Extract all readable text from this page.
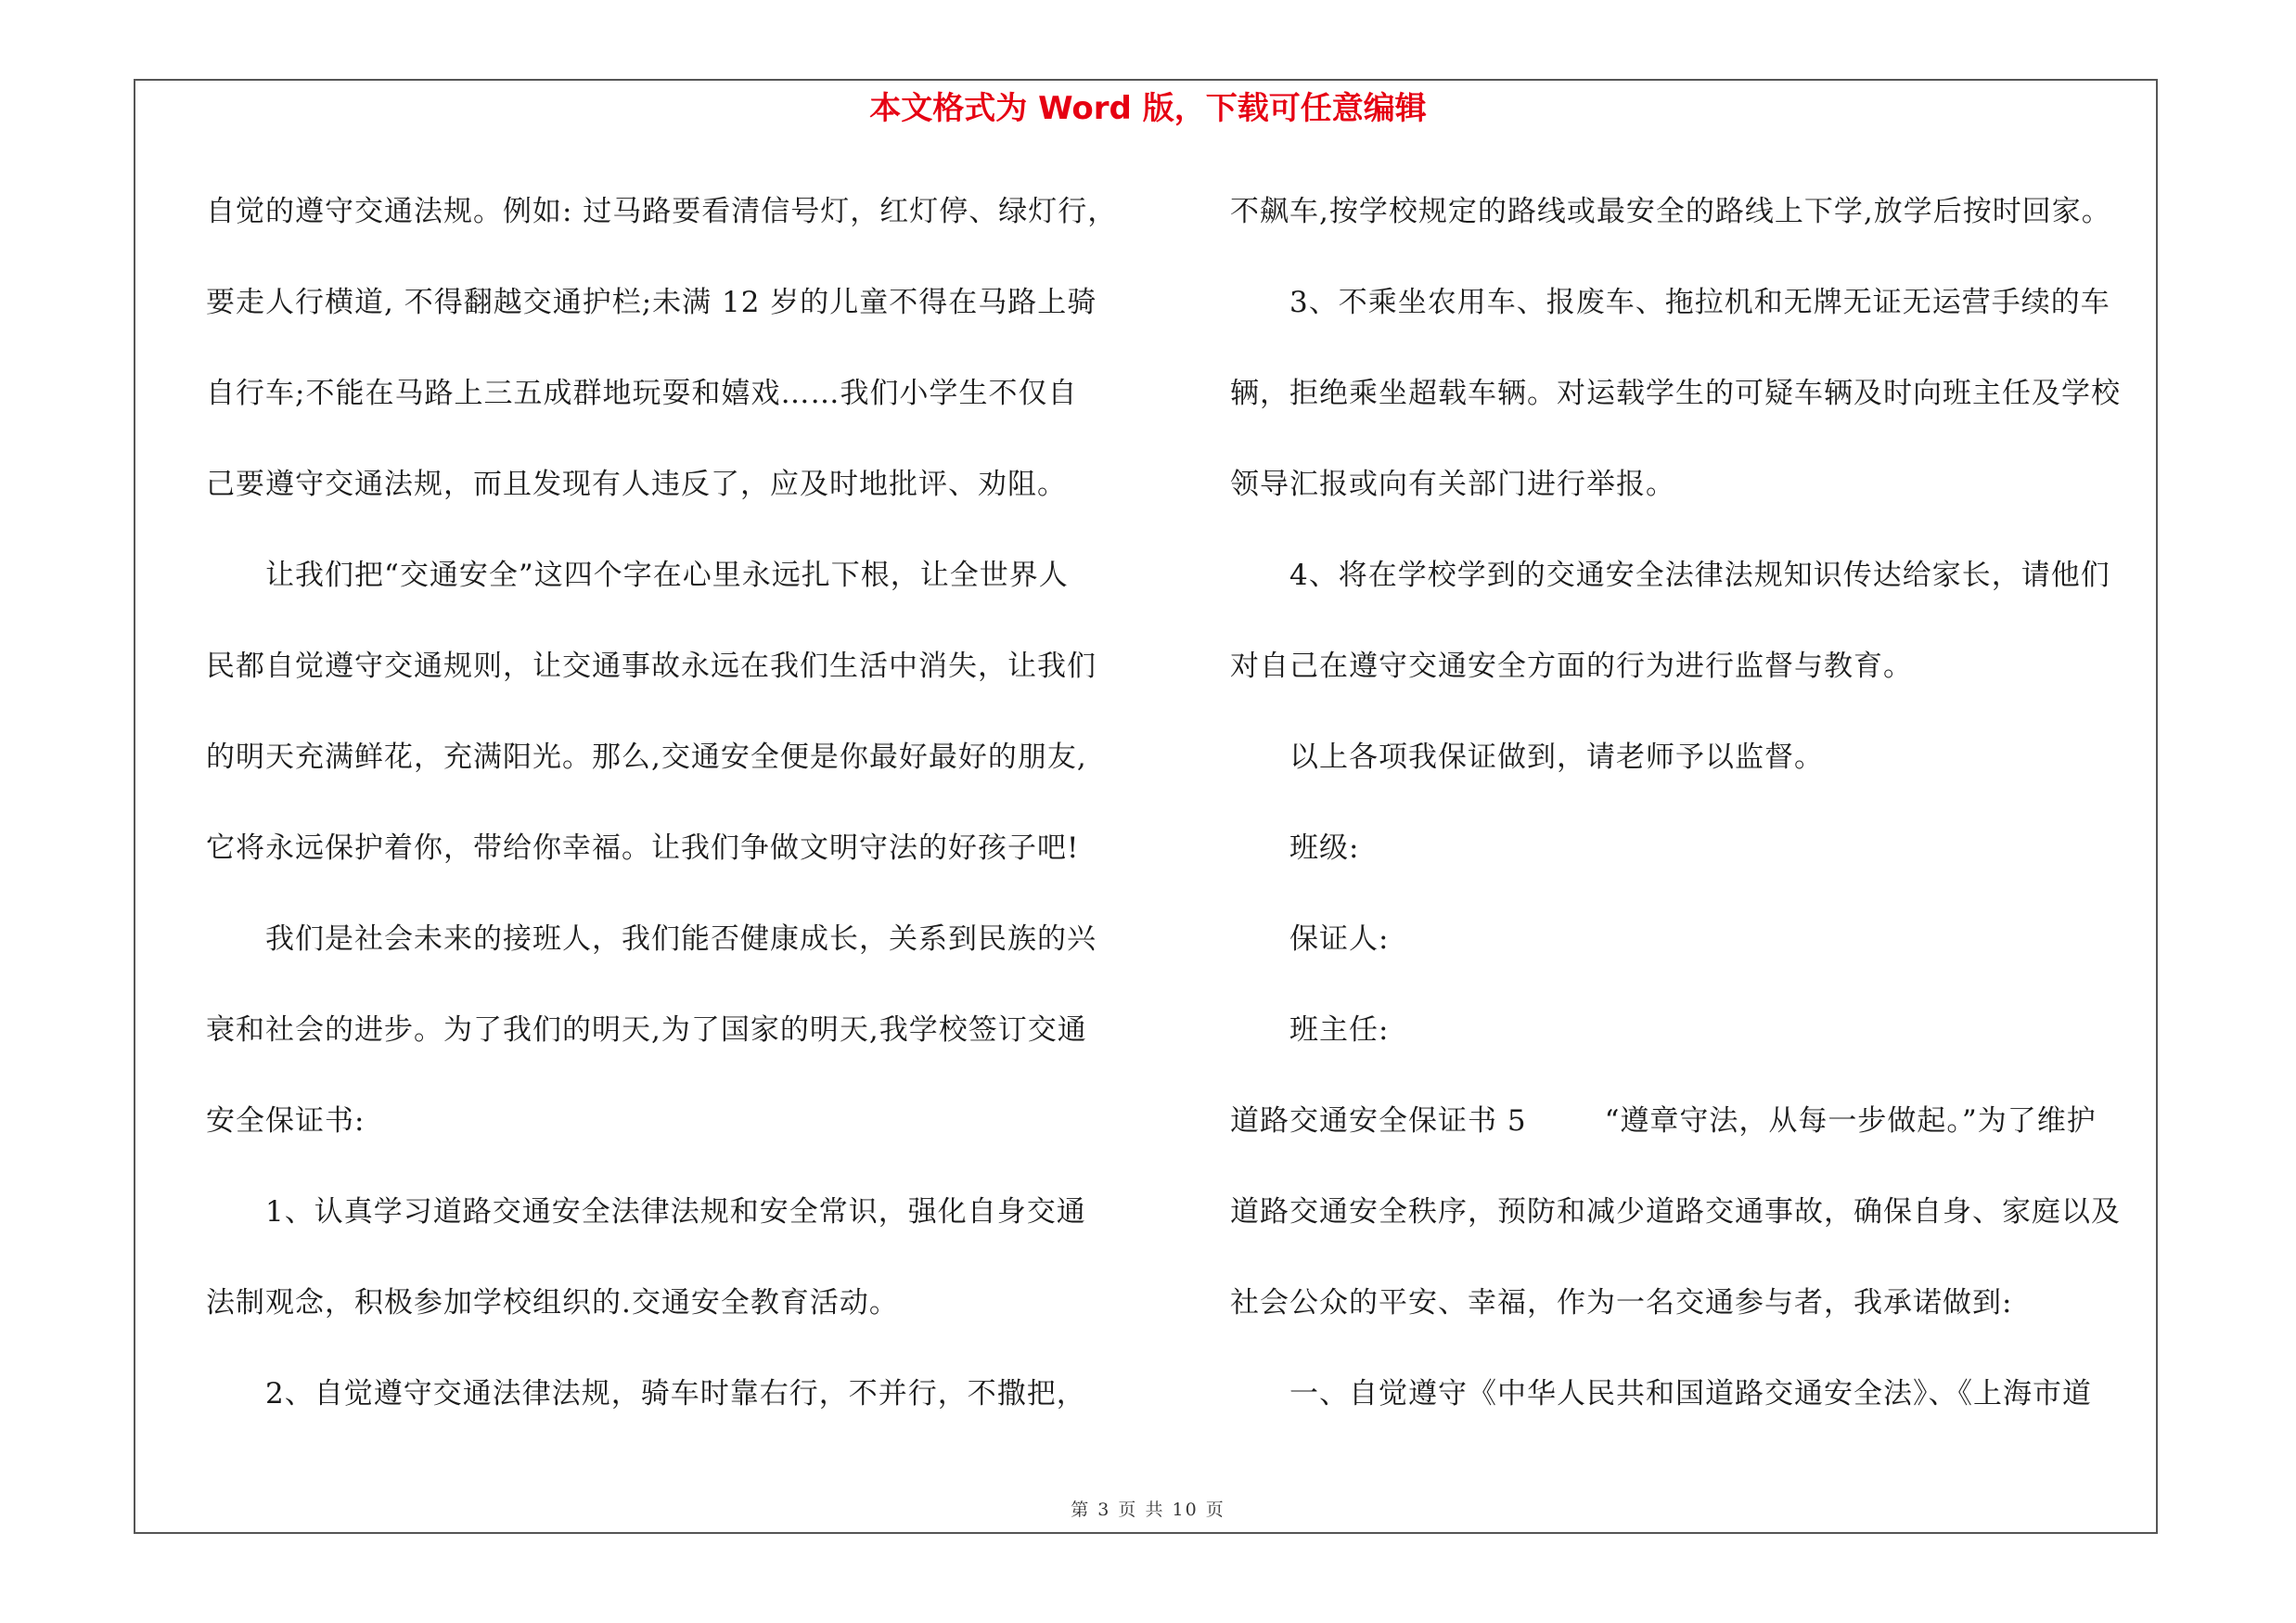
本文格式为 Word 版，下载可任意编辑
自觉的遵守交通法规。例如: 过马路要看清信号灯，红灯停、绿灯行，
要走人行横道, 不得翻越交通护栏;未满 12 岁的儿童不得在马路上骑
自行车;不能在马路上三五成群地玩耍和嬉戏……我们小学生不仅自
己要遵守交通法规，而且发现有人违反了，应及时地批评、劝阻。
让我们把“交通安全”这四个字在心里永远扎下根，让全世界人
民都自觉遵守交通规则，让交通事故永远在我们生活中消失，让我们
的明天充满鲜花，充满阳光。那么,交通安全便是你最好最好的朋友,
它将永远保护着你，带给你幸福。让我们争做文明守法的好孩子吧!
我们是社会未来的接班人，我们能否健康成长，关系到民族的兴
衰和社会的进步。为了我们的明天,为了国家的明天,我学校签订交通
安全保证书:
1、认真学习道路交通安全法律法规和安全常识，强化自身交通
法制观念，积极参加学校组织的.交通安全教育活动。
2、自觉遵守交通法律法规，骑车时靠右行，不并行，不撒把，
不飙车,按学校规定的路线或最安全的路线上下学,放学后按时回家。
3、不乘坐农用车、报废车、拖拉机和无牌无证无运营手续的车
辆，拒绝乘坐超载车辆。对运载学生的可疑车辆及时向班主任及学校
领导汇报或向有关部门进行举报。
4、将在学校学到的交通安全法律法规知识传达给家长，请他们
对自己在遵守交通安全方面的行为进行监督与教育。
以上各项我保证做到，请老师予以监督。
班级:
保证人:
班主任:
道路交通安全保证书 5	“遵章守法，从每一步做起。”为了维护
道路交通安全秩序，预防和减少道路交通事故，确保自身、家庭以及
社会公众的平安、幸福，作为一名交通参与者，我承诺做到:
一、自觉遵守《中华人民共和国道路交通安全法》、《上海市道
第 3 页 共 10 页
